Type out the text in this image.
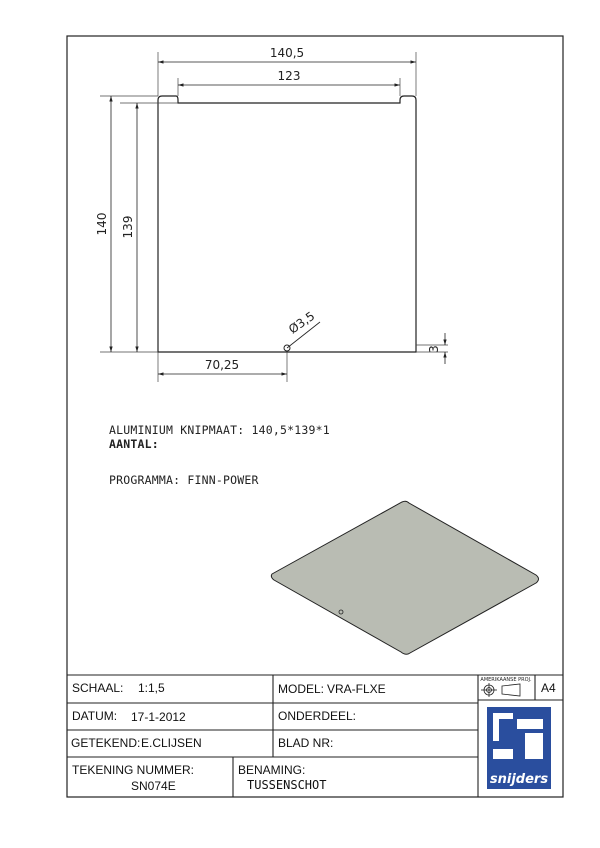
140,5
123
140 139
70,25
Ø3,5
3
AMERIKAANSE PROJ.
snijders
ALUMINIUM KNIPMAAT: 140,5*139*1
AANTAL:
PROGRAMMA: FINN-POWER
SCHAAL: 1:1,5	MODEL: VRA-FLXE	A4
DATUM: 17-1-2012	ONDERDEEL:
GETEKEND: E.CLIJSEN	BLAD NR:
TEKENING NUMMER:
SN074E
BENAMING:
TUSSENSCHOT
